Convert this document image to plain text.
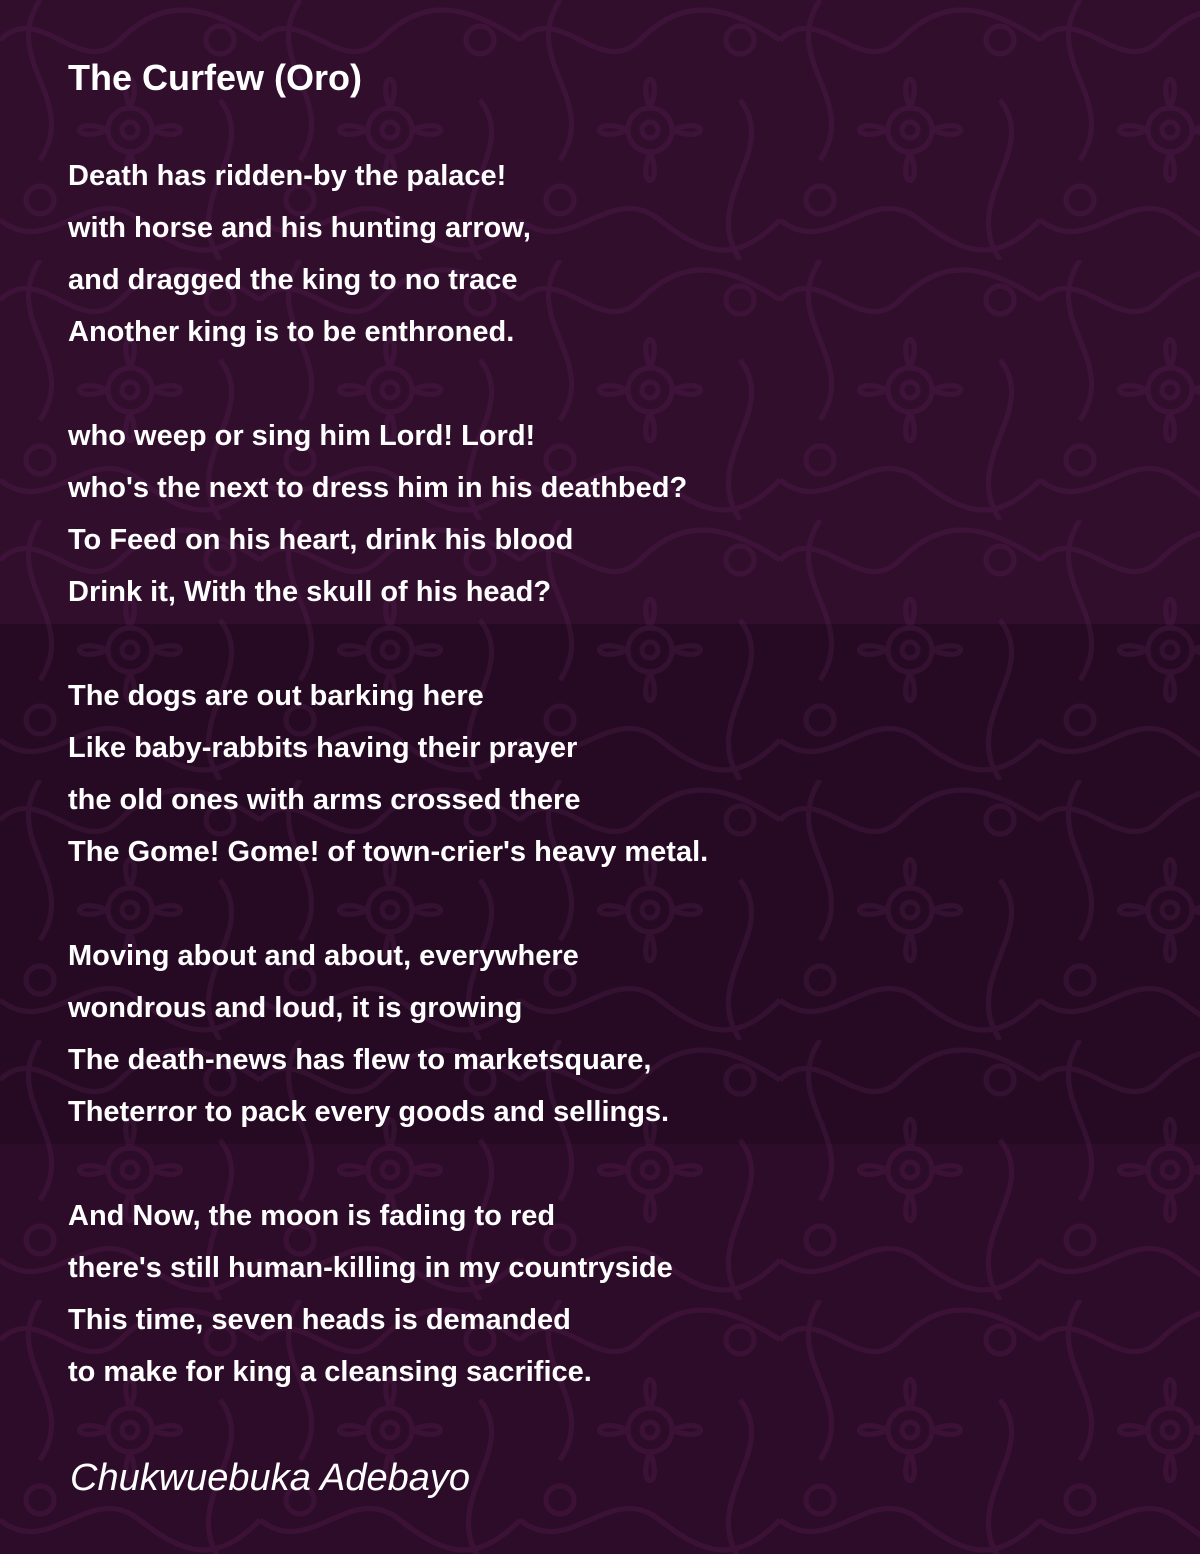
The Curfew (Oro)

Death has ridden-by the palace!
with horse and his hunting arrow,
and dragged the king to no trace
Another king is to be enthroned.

who weep or sing him Lord! Lord!
who's the next to dress him in his deathbed?
To Feed on his heart, drink his blood
Drink it, With the skull of his head?

The dogs are out barking here
Like baby-rabbits having their prayer
the old ones with arms crossed there
The Gome! Gome! of town-crier's heavy metal.

Moving about and about, everywhere
wondrous and loud, it is growing
The death-news has flew to marketsquare,
Theterror to pack every goods and sellings.

And Now, the moon is fading to red
there's still human-killing in my countryside
This time, seven heads is demanded
to make for king a cleansing sacrifice.

Chukwuebuka Adebayo
